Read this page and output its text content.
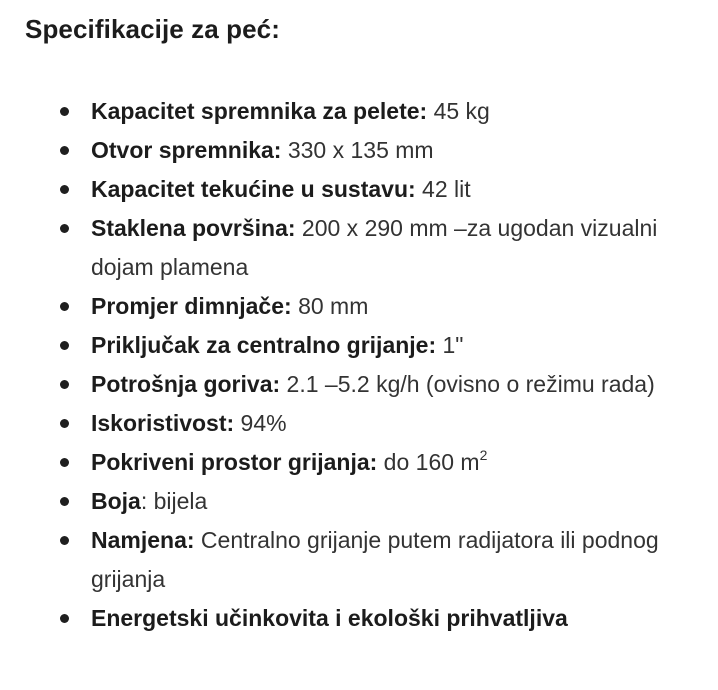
Specifikacije za peć:
Kapacitet spremnika za pelete: 45 kg
Otvor spremnika: 330 x 135 mm
Kapacitet tekućine u sustavu: 42 lit
Staklena površina: 200 x 290 mm –za ugodan vizualni dojam plamena
Promjer dimnjače: 80 mm
Priključak za centralno grijanje: 1"
Potrošnja goriva: 2.1 –5.2 kg/h (ovisno o režimu rada)
Iskoristivost: 94%
Pokriveni prostor grijanja: do 160 $m^2$
Boja: bijela
Namjena: Centralno grijanje putem radijatora ili podnog grijanja
Energetski učinkovita i ekološki prihvatljiva
